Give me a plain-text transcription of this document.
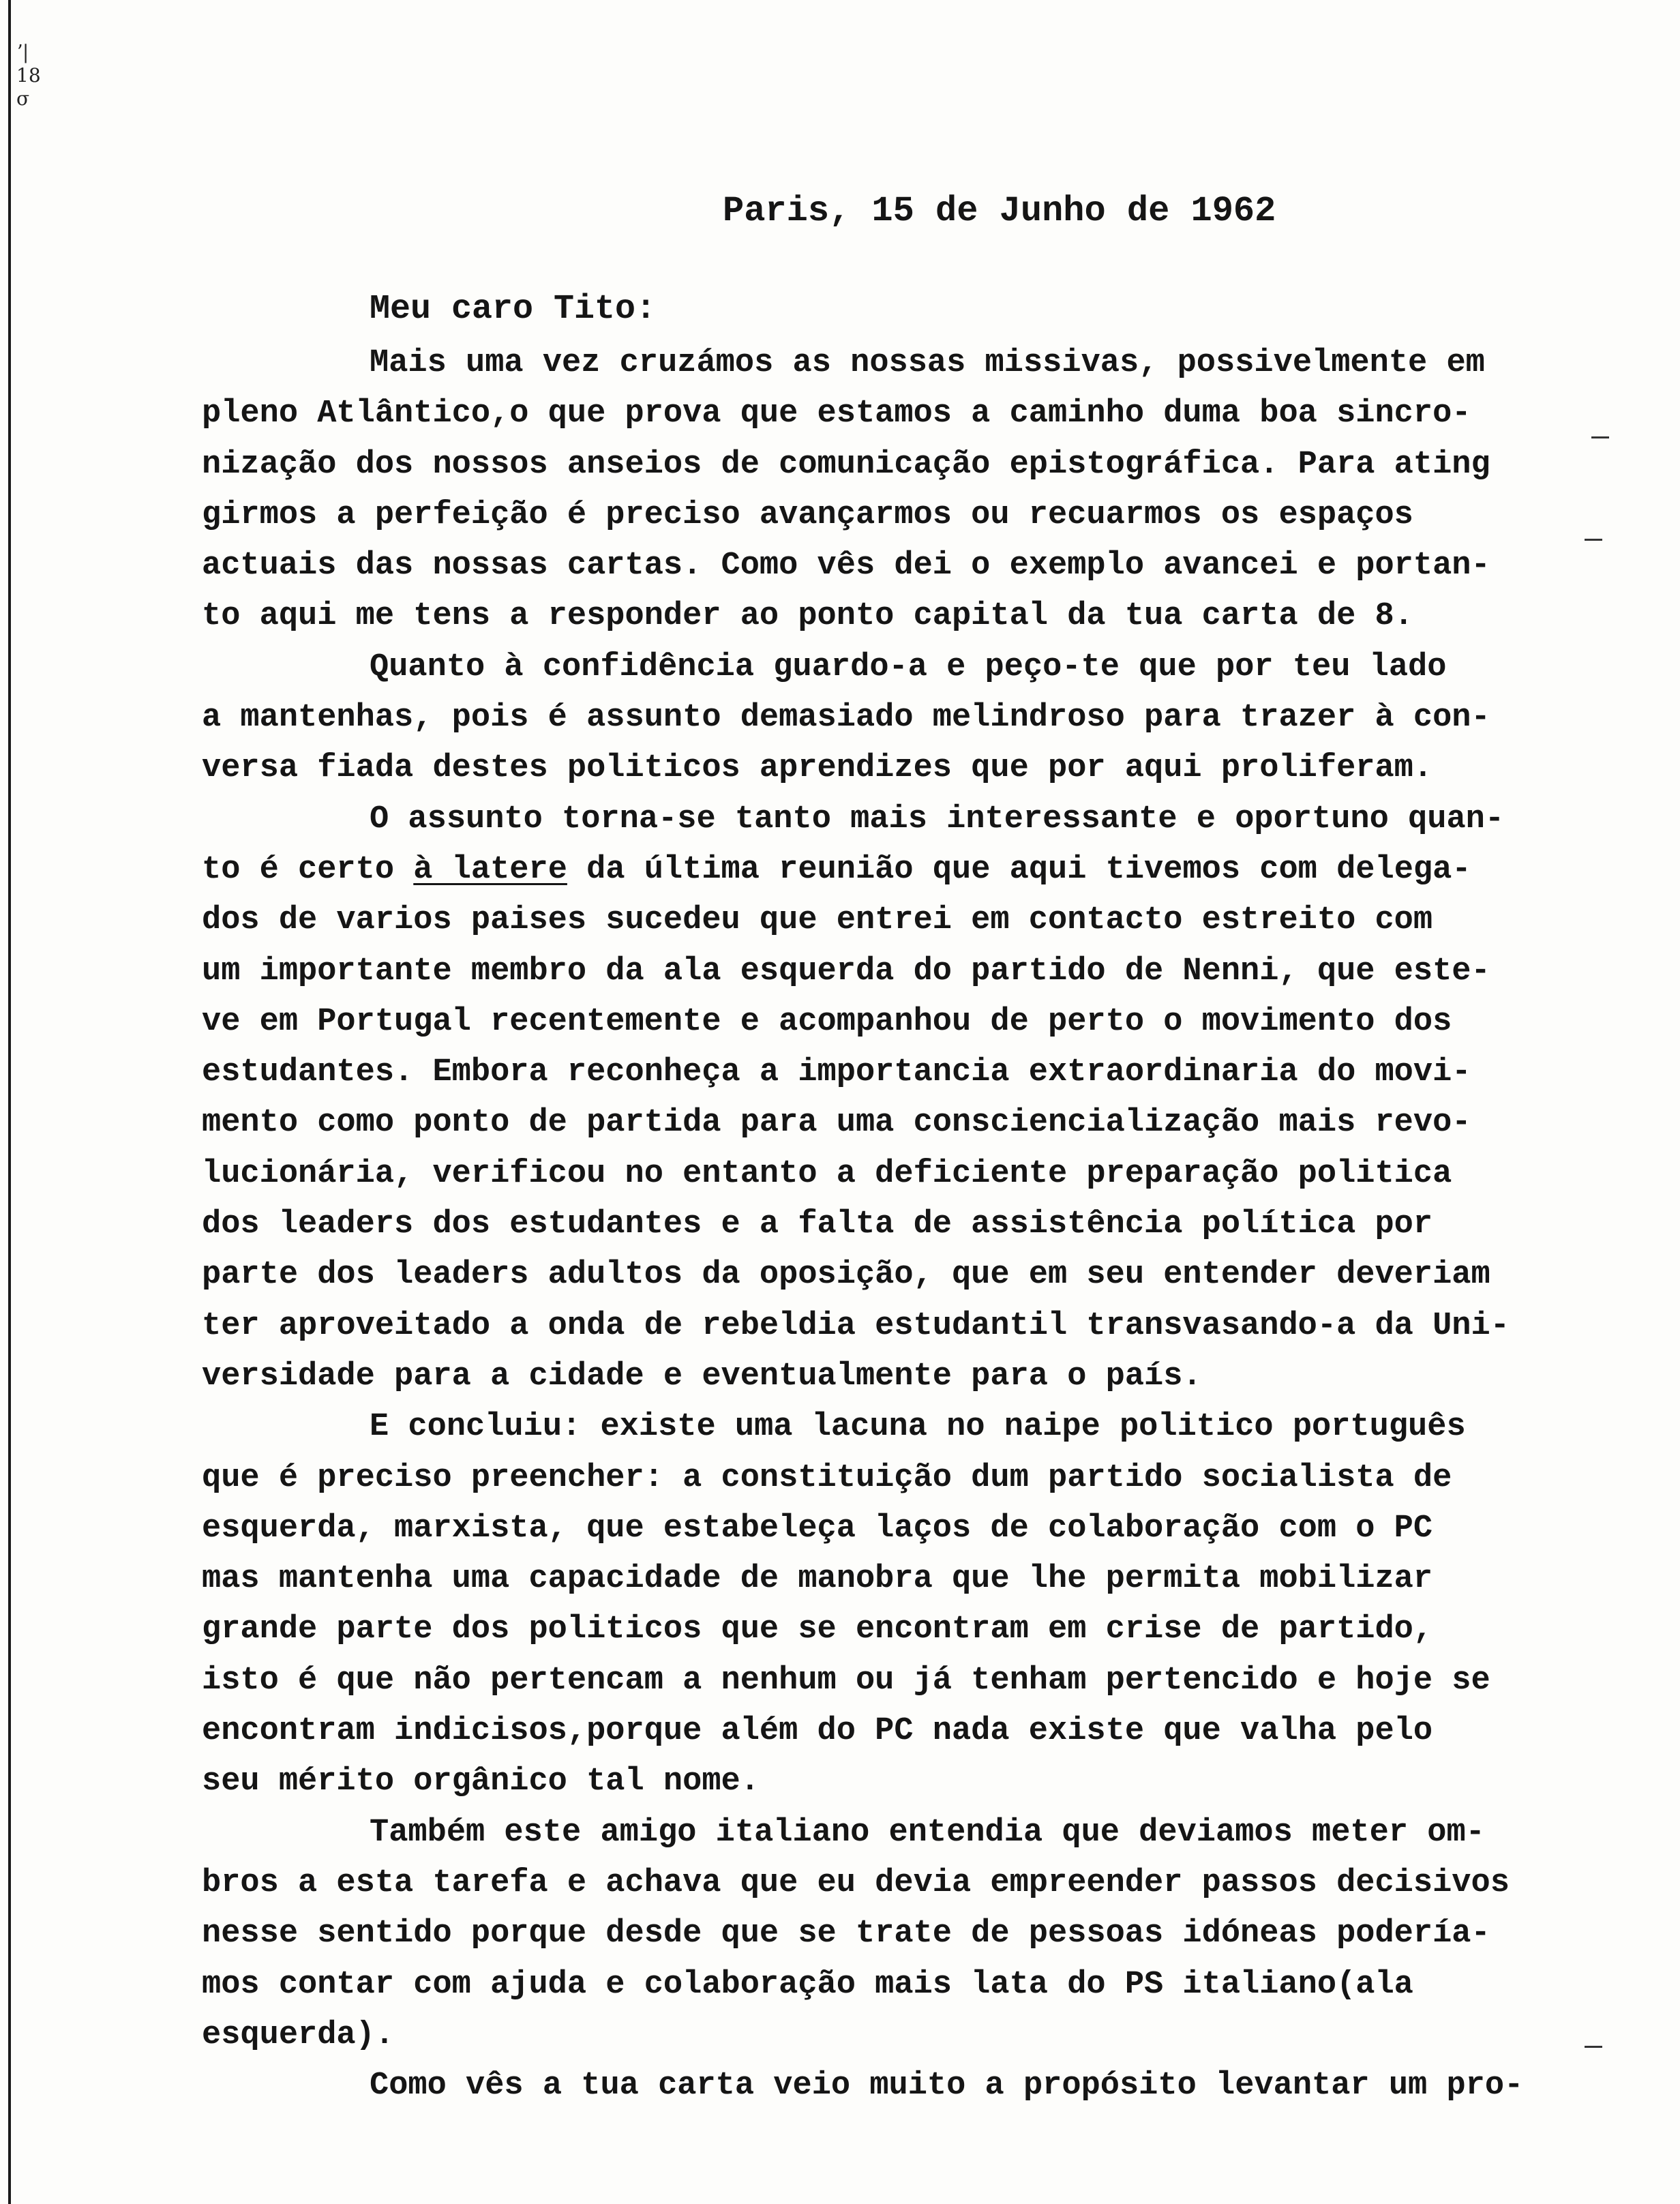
ʼ|
18
σ
Paris, 15 de Junho de 1962
Meu caro Tito:
Mais uma vez cruzámos as nossas missivas, possivelmente em
pleno Atlântico,o que prova que estamos a caminho duma boa sincro-
nização dos nossos anseios de comunicação epistográfica. Para ating
girmos a perfeição é preciso avançarmos ou recuarmos os espaços
actuais das nossas cartas. Como vês dei o exemplo avancei e portan-
to aqui me tens a responder ao ponto capital da tua carta de 8.
Quanto à confidência guardo-a e peço-te que por teu lado
a mantenhas, pois é assunto demasiado melindroso para trazer à con-
versa fiada destes politicos aprendizes que por aqui proliferam.
O assunto torna-se tanto mais interessante e oportuno quan-
to é certo à latere da última reunião que aqui tivemos com delega-
dos de varios paises sucedeu que entrei em contacto estreito com
um importante membro da ala esquerda do partido de Nenni, que este-
ve em Portugal recentemente e acompanhou de perto o movimento dos
estudantes. Embora reconheça a importancia extraordinaria do movi-
mento como ponto de partida para uma consciencialização mais revo-
lucionária, verificou no entanto a deficiente preparação politica
dos leaders dos estudantes e a falta de assistência política por
parte dos leaders adultos da oposição, que em seu entender deveriam
ter aproveitado a onda de rebeldia estudantil transvasando-a da Uni-
versidade para a cidade e eventualmente para o país.
E concluiu: existe uma lacuna no naipe politico português
que é preciso preencher: a constituição dum partido socialista de
esquerda, marxista, que estabeleça laços de colaboração com o PC
mas mantenha uma capacidade de manobra que lhe permita mobilizar
grande parte dos politicos que se encontram em crise de partido,
isto é que não pertencam a nenhum ou já tenham pertencido e hoje se
encontram indicisos,porque além do PC nada existe que valha pelo
seu mérito orgânico tal nome.
Também este amigo italiano entendia que deviamos meter om-
bros a esta tarefa e achava que eu devia empreender passos decisivos
nesse sentido porque desde que se trate de pessoas idóneas podería-
mos contar com ajuda e colaboração mais lata do PS italiano(ala
esquerda).
Como vês a tua carta veio muito a propósito levantar um pro-
